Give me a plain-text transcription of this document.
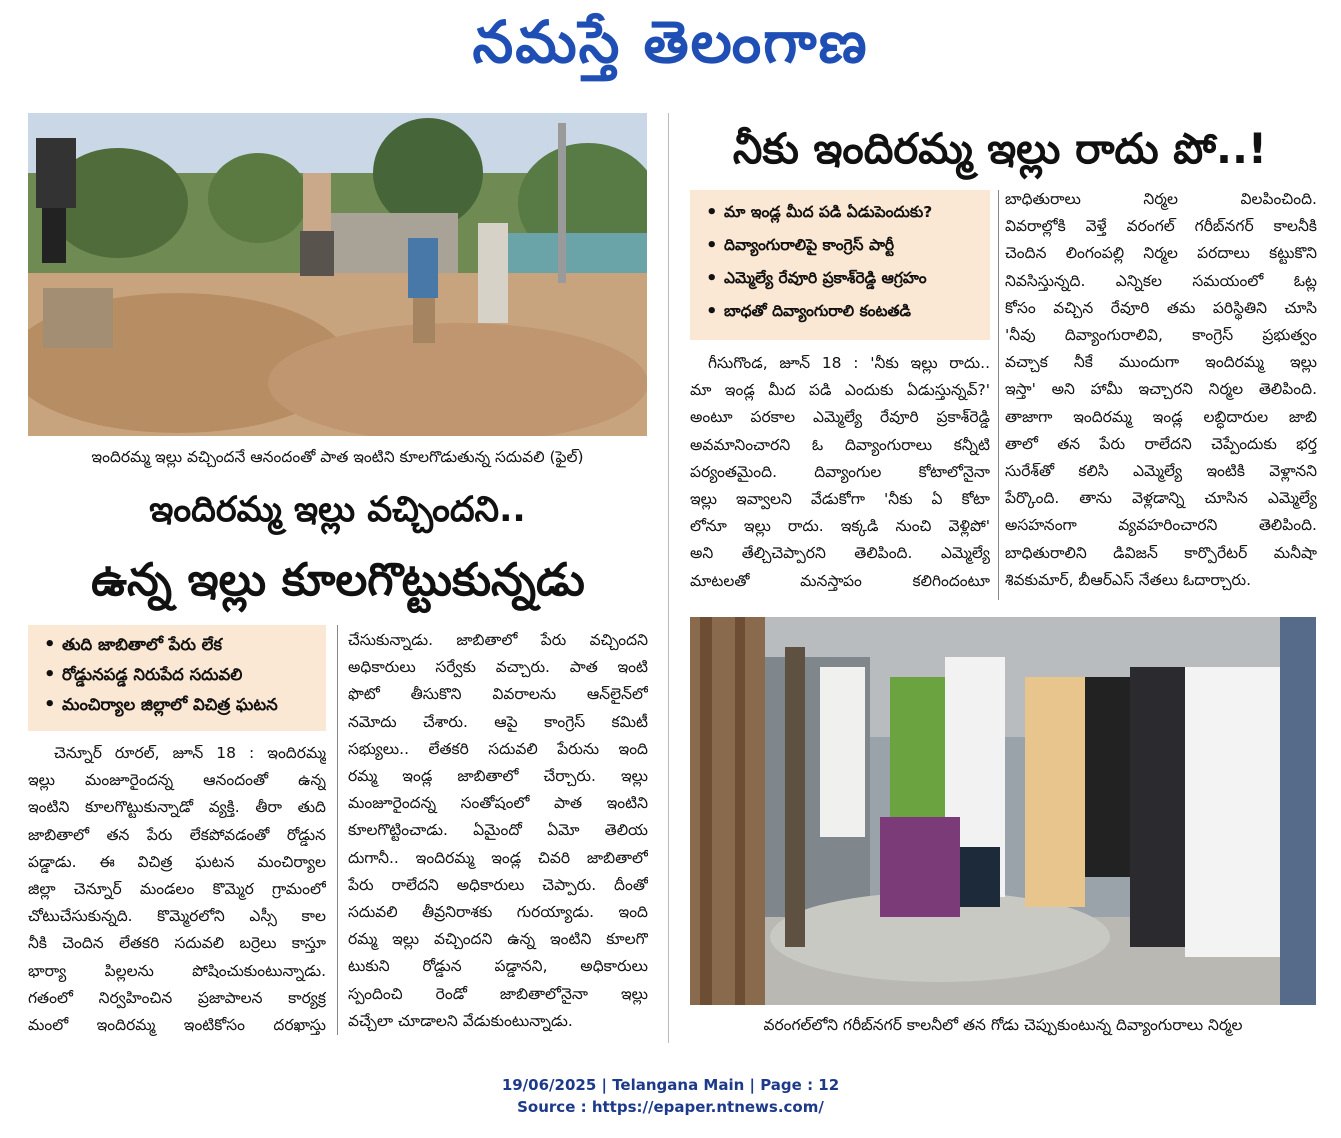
నమస్తే తెలంగాణ
ఇందిరమ్మ ఇల్లు వచ్చిందనే ఆనందంతో పాత ఇంటిని కూలగొడుతున్న సదువలి (ఫైల్)
ఇందిరమ్మ ఇల్లు వచ్చిందని..
ఉన్న ఇల్లు కూలగొట్టుకున్నడు
• తుది జాబితాలో పేరు లేక
• రోడ్డునపడ్డ నిరుపేద సదువలి
• మంచిర్యాల జిల్లాలో విచిత్ర ఘటన
చెన్నూర్ రూరల్, జూన్ 18 : ఇందిరమ్మ
ఇల్లు మంజూరైందన్న ఆనందంతో ఉన్న
ఇంటిని కూలగొట్టుకున్నాడో వ్యక్తి. తీరా తుది
జాబితాలో తన పేరు లేకపోవడంతో రోడ్డున
పడ్డాడు. ఈ విచిత్ర ఘటన మంచిర్యాల
జిల్లా చెన్నూర్ మండలం కొమ్మెర గ్రామంలో
చోటుచేసుకున్నది. కొమ్మెరలోని ఎస్సీ కాల
నీకి చెందిన లేతకరి సదువలి బర్రెలు కాస్తూ
భార్యా పిల్లలను పోషించుకుంటున్నాడు.
గతంలో నిర్వహించిన ప్రజాపాలన కార్యక్ర
మంలో ఇందిరమ్మ ఇంటికోసం దరఖాస్తు
చేసుకున్నాడు. జాబితాలో పేరు వచ్చిందని
అధికారులు సర్వేకు వచ్చారు. పాత ఇంటి
ఫొటో తీసుకొని వివరాలను ఆన్‌లైన్‌లో
నమోదు చేశారు. ఆపై కాంగ్రెస్ కమిటీ
సభ్యులు.. లేతకరి సదువలి పేరును ఇంది
రమ్మ ఇండ్ల జాబితాలో చేర్చారు. ఇల్లు
మంజూరైందన్న సంతోషంలో పాత ఇంటిని
కూలగొట్టించాడు. ఏమైందో ఏమో తెలియ
దుగానీ.. ఇందిరమ్మ ఇండ్ల చివరి జాబితాలో
పేరు రాలేదని అధికారులు చెప్పారు. దీంతో
సదువలి తీవ్రనిరాశకు గురయ్యాడు. ఇంది
రమ్మ ఇల్లు వచ్చిందని ఉన్న ఇంటిని కూలగొ
టుకుని రోడ్డున పడ్డానని, అధికారులు
స్పందించి రెండో జాబితాలోనైనా ఇల్లు
వచ్చేలా చూడాలని వేడుకుంటున్నాడు.
నీకు ఇందిరమ్మ ఇల్లు రాదు పో..!
• మా ఇండ్ల మీద పడి ఏడుపెందుకు?
• దివ్యాంగురాలిపై కాంగ్రెస్ పార్టీ
• ఎమ్మెల్యే రేవూరి ప్రకాశ్‌రెడ్డి ఆగ్రహం
• బాధతో దివ్యాంగురాలి కంటతడి
గీసుగొండ, జూన్ 18 : 'నీకు ఇల్లు రాదు..
మా ఇండ్ల మీద పడి ఎందుకు ఏడుస్తున్నవ్?'
అంటూ పరకాల ఎమ్మెల్యే రేవూరి ప్రకాశ్‌రెడ్డి
అవమానించారని ఓ దివ్యాంగురాలు కన్నీటి
పర్యంతమైంది. దివ్యాంగుల కోటాలోనైనా
ఇల్లు ఇవ్వాలని వేడుకోగా 'నీకు ఏ కోటా
లోనూ ఇల్లు రాదు. ఇక్కడి నుంచి వెళ్లిపో'
అని తేల్చిచెప్పారని తెలిపింది. ఎమ్మెల్యే
మాటలతో మనస్తాపం కలిగిందంటూ
బాధితురాలు నిర్మల విలపించింది.
వివరాల్లోకి వెళ్తే వరంగల్ గరీబ్‌నగర్ కాలనీకి
చెందిన లింగంపల్లి నిర్మల పరదాలు కట్టుకొని
నివసిస్తున్నది. ఎన్నికల సమయంలో ఓట్ల
కోసం వచ్చిన రేవూరి తమ పరిస్థితిని చూసి
'నీవు దివ్యాంగురాలివి, కాంగ్రెస్ ప్రభుత్వం
వచ్చాక నీకే ముందుగా ఇందిరమ్మ ఇల్లు
ఇస్తా' అని హామీ ఇచ్చారని నిర్మల తెలిపింది.
తాజాగా ఇందిరమ్మ ఇండ్ల లబ్ధిదారుల జాబి
తాలో తన పేరు రాలేదని చెప్పేందుకు భర్త
సురేశ్‌తో కలిసి ఎమ్మెల్యే ఇంటికి వెళ్లానని
పేర్కొంది. తాను వెళ్లడాన్ని చూసిన ఎమ్మెల్యే
అసహనంగా వ్యవహరించారని తెలిపింది.
బాధితురాలిని డివిజన్ కార్పొరేటర్ మనీషా
శివకుమార్, బీఆర్‌ఎస్ నేతలు ఓదార్చారు.
వరంగల్‌లోని గరీబ్‌నగర్ కాలనీలో తన గోడు చెప్పుకుంటున్న దివ్యాంగురాలు నిర్మల
19/06/2025 | Telangana Main | Page : 12
Source : https://epaper.ntnews.com/
